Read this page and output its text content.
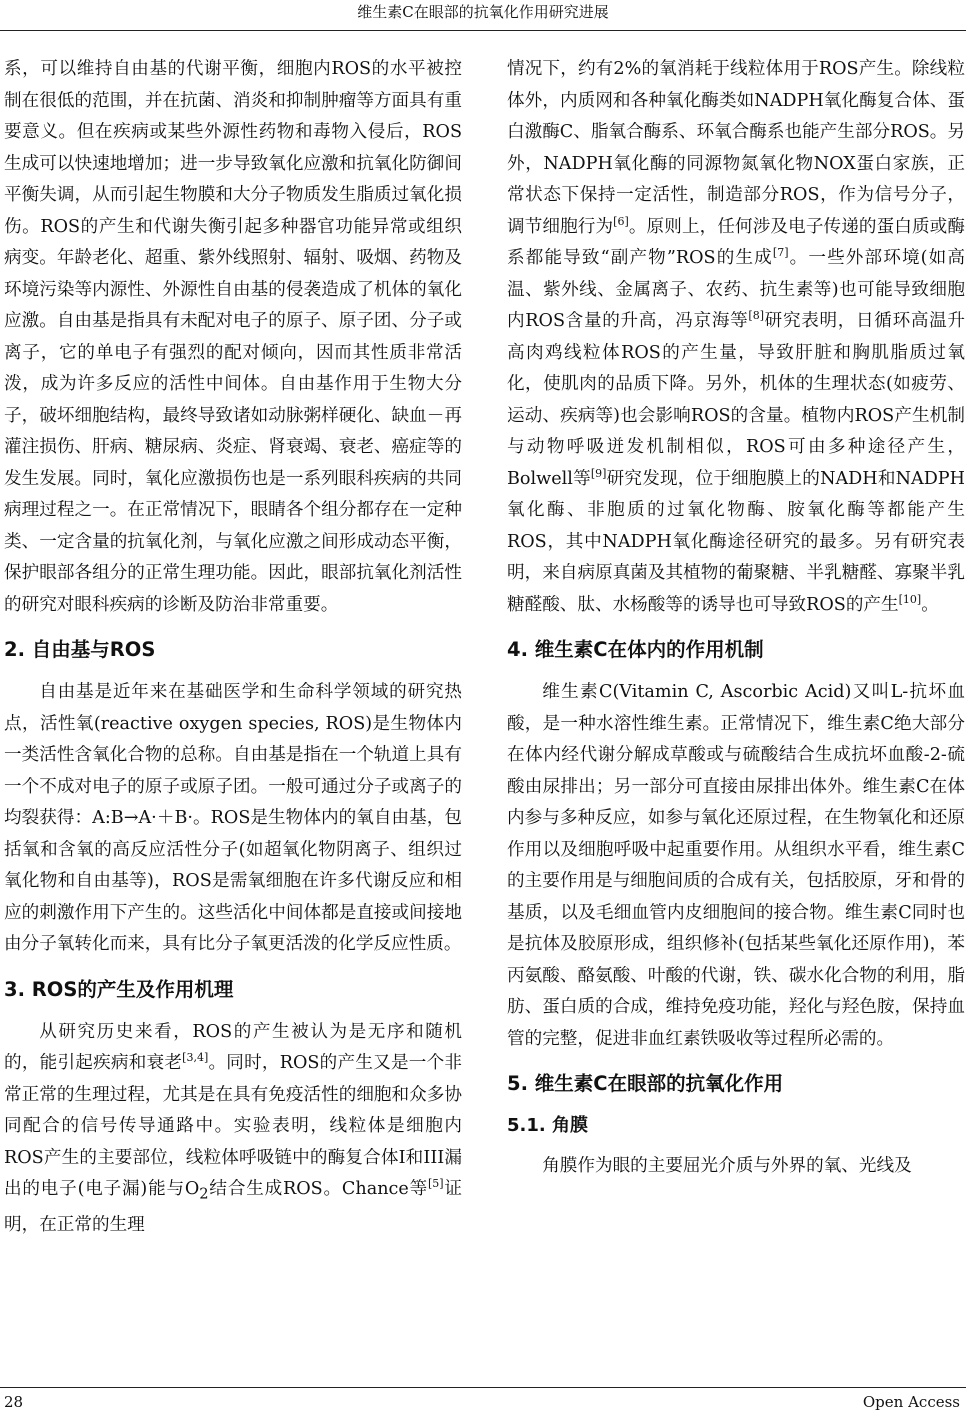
维生素C在眼部的抗氧化作用研究进展

系，可以维持自由基的代谢平衡，细胞内ROS的水平被控制在很低的范围，并在抗菌、消炎和抑制肿瘤等方面具有重要意义。但在疾病或某些外源性药物和毒物入侵后，ROS生成可以快速地增加；进一步导致氧化应激和抗氧化防御间平衡失调，从而引起生物膜和大分子物质发生脂质过氧化损伤。ROS的产生和代谢失衡引起多种器官功能异常或组织病变。年龄老化、超重、紫外线照射、辐射、吸烟、药物及环境污染等内源性、外源性自由基的侵袭造成了机体的氧化应激。自由基是指具有未配对电子的原子、原子团、分子或离子，它的单电子有强烈的配对倾向，因而其性质非常活泼，成为许多反应的活性中间体。自由基作用于生物大分子，破坏细胞结构，最终导致诸如动脉粥样硬化、缺血－再灌注损伤、肝病、糖尿病、炎症、肾衰竭、衰老、癌症等的发生发展。同时，氧化应激损伤也是一系列眼科疾病的共同病理过程之一。在正常情况下，眼睛各个组分都存在一定种类、一定含量的抗氧化剂，与氧化应激之间形成动态平衡，保护眼部各组分的正常生理功能。因此，眼部抗氧化剂活性的研究对眼科疾病的诊断及防治非常重要。

2. 自由基与ROS

自由基是近年来在基础医学和生命科学领域的研究热点，活性氧(reactive oxygen species, ROS)是生物体内一类活性含氧化合物的总称。自由基是指在一个轨道上具有一个不成对电子的原子或原子团。一般可通过分子或离子的均裂获得：A:B→A·＋B·。ROS是生物体内的氧自由基，包括氧和含氧的高反应活性分子(如超氧化物阴离子、组织过氧化物和自由基等)，ROS是需氧细胞在许多代谢反应和相应的刺激作用下产生的。这些活化中间体都是直接或间接地由分子氧转化而来，具有比分子氧更活泼的化学反应性质。

3. ROS的产生及作用机理

从研究历史来看，ROS的产生被认为是无序和随机的，能引起疾病和衰老[3,4]。同时，ROS的产生又是一个非常正常的生理过程，尤其是在具有免疫活性的细胞和众多协同配合的信号传导通路中。实验表明，线粒体是细胞内ROS产生的主要部位，线粒体呼吸链中的酶复合体I和III漏出的电子(电子漏)能与$O_2$结合生成ROS。Chance等[5]证明，在正常的生理

情况下，约有2%的氧消耗于线粒体用于ROS产生。除线粒体外，内质网和各种氧化酶类如NADPH氧化酶复合体、蛋白激酶C、脂氧合酶系、环氧合酶系也能产生部分ROS。另外，NADPH氧化酶的同源物氮氧化物NOX蛋白家族，正常状态下保持一定活性，制造部分ROS，作为信号分子，调节细胞行为[6]。原则上，任何涉及电子传递的蛋白质或酶系都能导致“副产物”ROS的生成[7]。一些外部环境(如高温、紫外线、金属离子、农药、抗生素等)也可能导致细胞内ROS含量的升高，冯京海等[8]研究表明，日循环高温升高肉鸡线粒体ROS的产生量，导致肝脏和胸肌脂质过氧化，使肌肉的品质下降。另外，机体的生理状态(如疲劳、运动、疾病等)也会影响ROS的含量。植物内ROS产生机制与动物呼吸迸发机制相似，ROS可由多种途径产生，Bolwell等[9]研究发现，位于细胞膜上的NADH和NADPH氧化酶、非胞质的过氧化物酶、胺氧化酶等都能产生ROS，其中NADPH氧化酶途径研究的最多。另有研究表明，来自病原真菌及其植物的葡聚糖、半乳糖醛、寡聚半乳糖醛酸、肽、水杨酸等的诱导也可导致ROS的产生[10]。

4. 维生素C在体内的作用机制

维生素C(Vitamin C, Ascorbic Acid)又叫L-抗坏血酸，是一种水溶性维生素。正常情况下，维生素C绝大部分在体内经代谢分解成草酸或与硫酸结合生成抗坏血酸-2-硫酸由尿排出；另一部分可直接由尿排出体外。维生素C在体内参与多种反应，如参与氧化还原过程，在生物氧化和还原作用以及细胞呼吸中起重要作用。从组织水平看，维生素C的主要作用是与细胞间质的合成有关，包括胶原，牙和骨的基质，以及毛细血管内皮细胞间的接合物。维生素C同时也是抗体及胶原形成，组织修补(包括某些氧化还原作用)，苯丙氨酸、酪氨酸、叶酸的代谢，铁、碳水化合物的利用，脂肪、蛋白质的合成，维持免疫功能，羟化与羟色胺，保持血管的完整，促进非血红素铁吸收等过程所必需的。

5. 维生素C在眼部的抗氧化作用
5.1. 角膜

角膜作为眼的主要屈光介质与外界的氧、光线及

28	Open Access
